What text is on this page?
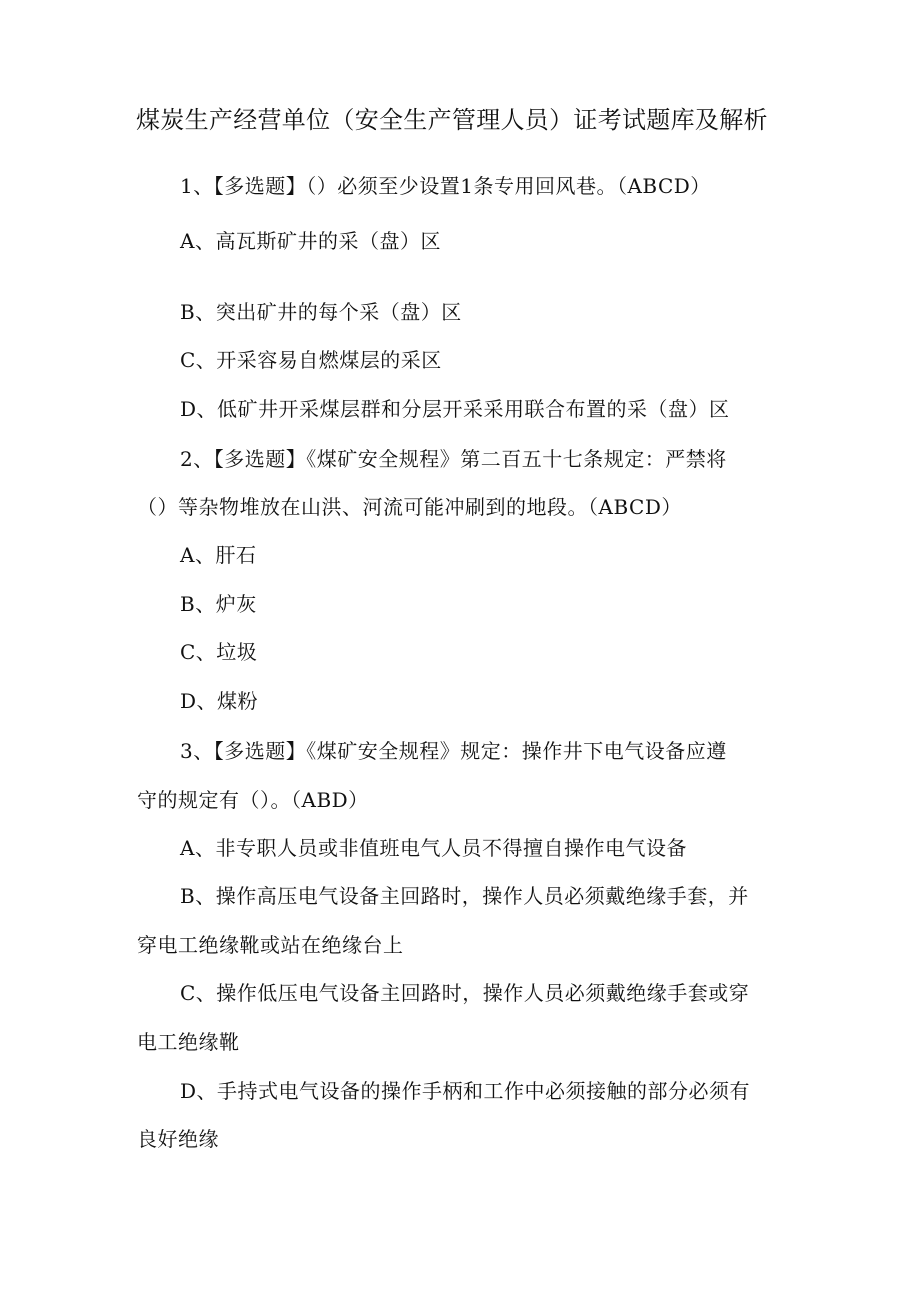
煤炭生产经营单位（安全生产管理人员）证考试题库及解析
1、【多选题】（）必须至少设置1条专用回风巷。（ABCD）
A、高瓦斯矿井的采（盘）区
B、突出矿井的每个采（盘）区
C、开采容易自燃煤层的采区
D、低矿井开采煤层群和分层开采采用联合布置的采（盘）区
2、【多选题】《煤矿安全规程》第二百五十七条规定：严禁将
（）等杂物堆放在山洪、河流可能冲刷到的地段。（ABCD）
A、肝石
B、炉灰
C、垃圾
D、煤粉
3、【多选题】《煤矿安全规程》规定：操作井下电气设备应遵
守的规定有（）。（ABD）
A、非专职人员或非值班电气人员不得擅自操作电气设备
B、操作高压电气设备主回路时，操作人员必须戴绝缘手套，并
穿电工绝缘靴或站在绝缘台上
C、操作低压电气设备主回路时，操作人员必须戴绝缘手套或穿
电工绝缘靴
D、手持式电气设备的操作手柄和工作中必须接触的部分必须有
良好绝缘
